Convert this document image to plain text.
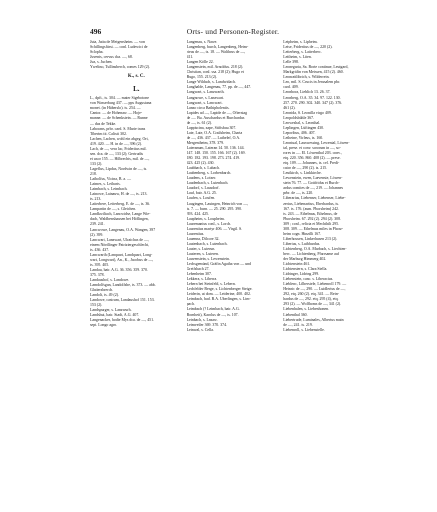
496	Orts- und Personen-Register.
Juta, Jutta de Meigensheim. — von
Schillingsfürst. — conl. Ludewici de
Sclopha.
Juvenis, cervus dca. —, 68.
Juz, s. Juchen.
Ywelino, Tullinsberch, comes 129 (2).
K., s. C.
L.
L., dpft., ts. 304. — mater Sigebotone
von Wasserburg 437. — pps Augustana
monet. (in Hüberslo). ts. 254. —
Cantor. — de Hohenaw. — Hoje-
manne. — de Schenkstein. — Runne
— dus de Tekke.
Laborans, prbr. card. S. Marie trans
Tiberim tit. Calixti 302.
Lachen, Lachen, wohl ein abgeg. Ort,
419. 420. — H. in de —, 396 (2).
Lach, de —, vera lac, Frideritus mil.
sen. dca. de —, 133 (2); Gertrudis
et uxor 155. — Hilbrechts, mil. de —,
133 (2).
Lageflus, Lipdus, Nordwin de —, ts.
218.
Laibolfus, Vicina, B. a. —
Laimes, s. Leiharts.
Laimbach, s. Leimbach.
Lainowe, Lainauw, H. de —, ts. 213.
ts. 213.
Laiterbere, Leiterberg, E. de —, ts. 36.
Lampartin de —, s. Gleichen.
Landkwiltach, Lancwidse, Lange Wie-
dach, Waldbenshausen bei Höflingen,
239. 241.
Lancwowe, Langenau, O.A. Wangen, 397
(2). 399.
Lancwart, Lanzwart, Ulraichus de —,
einem Nördlinger Patriziergeschlecht,
ts. 436. 437.
Lancwarth (Lanquart, Landquart, Long-
wart, Longwart), An., K., Jacobus de —,
ts. 395. 405.
Landau, bair. A.G. 36. 356. 359. 370.
375. 378.
Landaushof, s. Landowe.
Lamdolfsgan, Landolfsbe, ts. 373. — abb.
Glattersbrerch.
Landolt, ts. 49 (2).
Landowe, castrum, Landaushof 151. 153.
153 (2).
Landspurger, s. Lanzwurh.
Landshut, bair. Stadt, A.G. 407.
Langenacker, hodie Mys dca. de —, 451.
sept. Longo agro.
Langenau, s. Nawe.
Langenberg, burch, Langenberg, Heim-
rieus de —, ts. 18. — Walthrus de —,
411.
Langen Kölle 22.
Langenstein, mil. Arnoldus. 218 (2).
Christian, conl. ssa. 218 (2); Hugo et
Bugo, 155. 213 (2).
Lange Wildach, s. Landwidach.
Langhalde, Langenau, 77. pp. de —, 447.
Langwart, s. Lanzwarth.
Langnowe, s. Lanzwart.
Langwart, s. Lancwart.
Lanzo circa Bathipholentis.
Lapides ad —, Lapide de —, Ofterstag
de —. Bu. Auschardus et Burchardus
de —, ts. 61 (2).
Lappiscina, zape, Stiftsbau 307.
Late, Late, O.A. Crailsheim, Charta
de —, 436. 437. — Luthelef, O.A.
Mergentheim, 378. 379.
Lateranum, Lateran 14. 50. 136. 144.
147. 148. 150. 155. 166. 167 (2). 169.
180. 182. 193. 198. 273. 274. 419.
423. 425 (2). 430.
Laubbach, s. Lubach.
Laubenberg, s. Lorbenbarch.
Laudens, s. Lotzer.
Laudenbach, s. Lutenbach.
Laudorf, s. Lausdorf.
Lauf, bair. A.G. 25.
Laufen, s. Loufen.
Laugingen, Lauingen, Heinrich von —,
ts. 7. — burn. — 25. 290. 295. 390.
393. 424. 425.
Laupheim, s. Loupheim.
Lauremanius conl., s. Lorch.
Laurentius martyr 406. — Virgil. S.
Laurentius.
Lauenna, Dilcore 32.
Lautenbach, s. Lutenbach.
Lauter, s. Luterun.
Lauteren, s. Luteren.
Lauvenstein, s. Lewenstein.
Lechsgemünd, Gräfin Agatha von — und
Greifsbach 27.
Lebenheim 307.
Lekkera, s. Liberra.
Lebern bei Steinfeld, s. Lebern.
Lechfelder Berge, s. Lichtenberger Steige.
Leiderin, ut dom. — Leiderine, 400. 402.
Leimbach, bad. B.A. Überlingen, s. Lim-
pach.
Leimbach (? Leimbach, bair. A.G.
Bornheit), Karolus de —, ts. 107.
Leinbach, s. Lnsaw.
Leimveiler 369. 370. 374.
Leinwal, s. Cella.
Leipheim, s. Lipheim.
Leise, Frideritus de —, 220 (2).
Leiterberg, s. Laiterberc.
Leitheim, s. Liten.
Lelle 398.
Leonegaria, Sa. Borte continue, Leutgard,
Markgräfin von Meissen, 415 (2). 460.
Leonrattlibrich, s. Wilderrein.
Leo, mil. S. Crucis in Jerusalem pbr.
card. 409.
Leonbora, Lieblich 13. 26. 37.
Leonberg, O.A. 35. 34. 97. 122. 130.
257. 270. 290. 302. 340. 347 (2). 376.
461 (2).
Leonida, S. Leonilla virgo 409.
Leopoldsbühle 367.
Leoweshal, s. Leonthal.
Leplingen, Lüftingen 430.
Leporibus, 406. 407.
Letheine, Virleus, ts. 160.
Leontual, Lauswessing, Lewental, Löwen-
tal, prese. et conv. sororum in —, so-
rores in —. El. Löwenthal 203. conv.,
etq. 220. 356. 860. 408 (2). — prese.
etq. 109. — Johannes, ts. cel. Predi-
cator de —, 290 (2). ts. 215.
Leutkirch, s. Linkkirche.
Lewenstein, ewen, Lœvenste, Löwen-
stein 76. 77. — Gottfridus et Burch-
ardus comites de —, 219. — Johannes
prbr. de —, ts. 220.
Liberarius, Liebenser, Liebenser, Liebe-
zerius, Liebenartius, Eberhardus, ts.
167. ts. 176. (aum. Phorsheim) 242.
ts. 243. — Ethelmus, Ethelmus, de
Phorsheim. 67. 292 (2). 294 (2). 308.
309 ; conl., relicta et Mechthilt 295.
308. 309. — Ethelmus miles in Phorz-
heim cogn. Hinzilli 167.
Liberhousen, Linkerhusen 213 (2).
Libertus, s. Luibhardus.
Lichtenberg, O.A. Marbach, s. Liechten-
berc. — Lichtenberg, Pfarrsame auf
der Marburg Himmerg 402.
Lichtenstein 461.
Lichtenstern, s. Clara Stella.
Lidringer, Lidring 299.
Liebenstein, canc. s. Liberacius.
Lieblenc, Lilberstele, Liebenroll 179. —
Heinric de —, 290. — Luidlerius de —,
292, etq. 260 (2). etq. 341. — Rein-
hardus de —, 292. etq. 295 (4), etq.
293 (2). — Wolfhoms de —, 341 (2).
Liebenhalen, s. Liebenhonen.
Liebenthal 360.
Liebertrude, Luminales, Albertus main
de —, 241. ts. 219.
Liebenroll, s. Liebenstelle.
